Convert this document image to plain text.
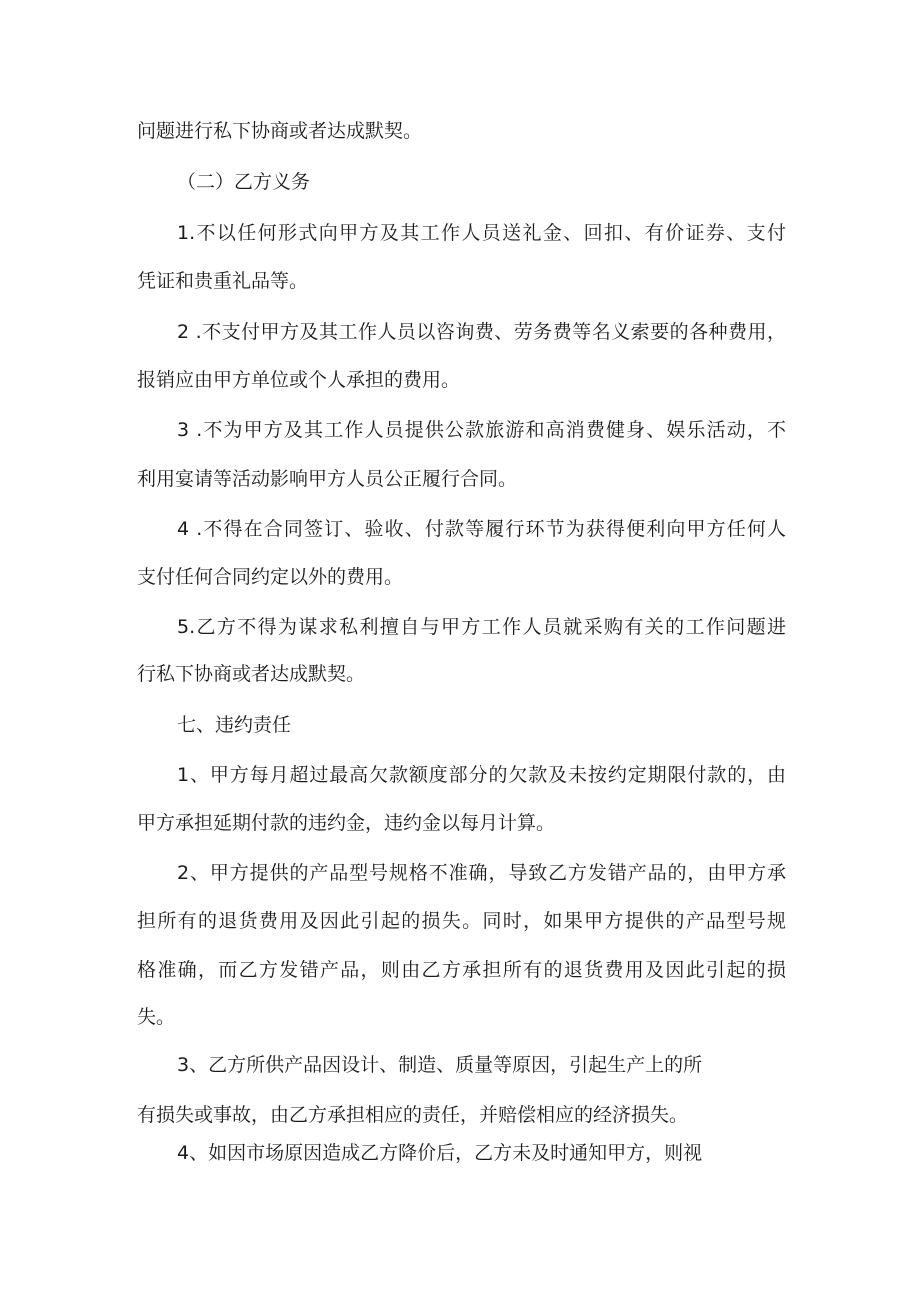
问题进行私下协商或者达成默契。
（二）乙方义务
1.不以任何形式向甲方及其工作人员送礼金、回扣、有价证券、支付
凭证和贵重礼品等。
2 .不支付甲方及其工作人员以咨询费、劳务费等名义索要的各种费用，
报销应由甲方单位或个人承担的费用。
3 .不为甲方及其工作人员提供公款旅游和高消费健身、娱乐活动，不
利用宴请等活动影响甲方人员公正履行合同。
4 .不得在合同签订、验收、付款等履行环节为获得便利向甲方任何人
支付任何合同约定以外的费用。
5.乙方不得为谋求私利擅自与甲方工作人员就采购有关的工作问题进
行私下协商或者达成默契。
七、违约责任
1、甲方每月超过最高欠款额度部分的欠款及未按约定期限付款的，由
甲方承担延期付款的违约金，违约金以每月计算。
2、甲方提供的产品型号规格不准确，导致乙方发错产品的，由甲方承
担所有的退货费用及因此引起的损失。同时，如果甲方提供的产品型号规
格准确，而乙方发错产品，则由乙方承担所有的退货费用及因此引起的损
失。
3、乙方所供产品因设计、制造、质量等原因，引起生产上的所
有损失或事故，由乙方承担相应的责任，并赔偿相应的经济损失。
4、如因市场原因造成乙方降价后，乙方未及时通知甲方，则视
